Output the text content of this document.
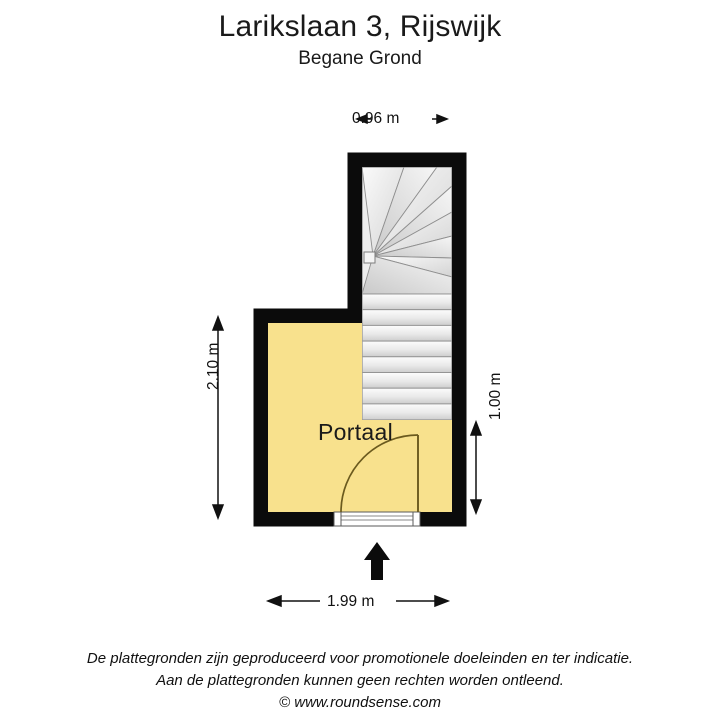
Larikslaan 3, Rijswijk
Begane Grond
0.96 m
2.10 m
1.00 m
1.99 m
Portaal
De plattegronden zijn geproduceerd voor promotionele doeleinden en ter indicatie.
Aan de plattegronden kunnen geen rechten worden ontleend.
© www.roundsense.com
